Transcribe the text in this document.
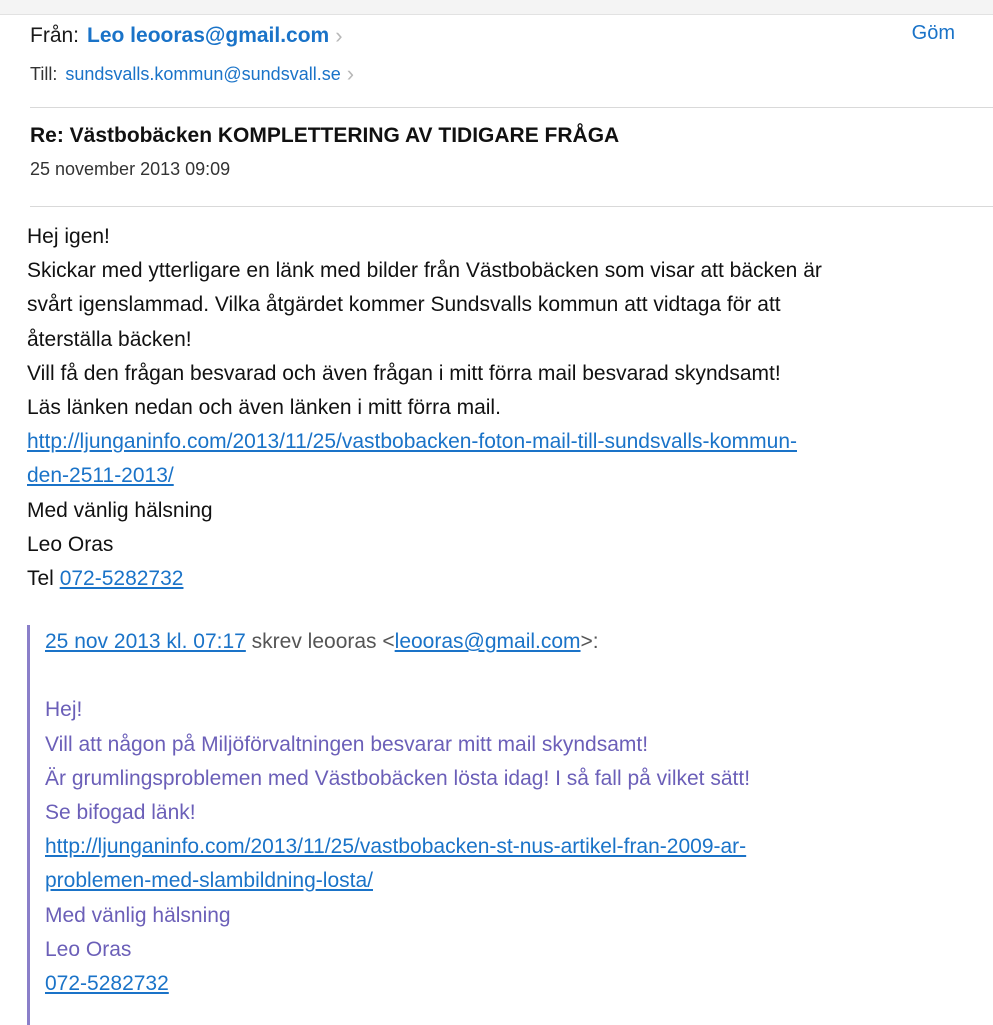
Från: Leo leooras@gmail.com ›	Göm
Till: sundsvalls.kommun@sundsvall.se ›
Re: Västbobäcken KOMPLETTERING AV TIDIGARE FRÅGA
25 november 2013 09:09

Hej igen!

Skickar med ytterligare en länk med bilder från Västbobäcken som visar att bäcken är

svårt igenslammad. Vilka åtgärdet kommer Sundsvalls kommun att vidtaga för att

återställa bäcken!

Vill få den frågan besvarad och även frågan i mitt förra mail besvarad skyndsamt!

Läs länken nedan och även länken i mitt förra mail.

http://ljunganinfo.com/2013/11/25/vastbobacken-foton-mail-till-sundsvalls-kommun-

den-2511-2013/

Med vänlig hälsning

Leo Oras

Tel 072-5282732

25 nov 2013 kl. 07:17 skrev leooras <leooras@gmail.com>:

Hej!

Vill att någon på Miljöförvaltningen besvarar mitt mail skyndsamt!

Är grumlingsproblemen med Västbobäcken lösta idag! I så fall på vilket sätt!

Se bifogad länk!

http://ljunganinfo.com/2013/11/25/vastbobacken-st-nus-artikel-fran-2009-ar-

problemen-med-slambildning-losta/

Med vänlig hälsning

Leo Oras

072-5282732
